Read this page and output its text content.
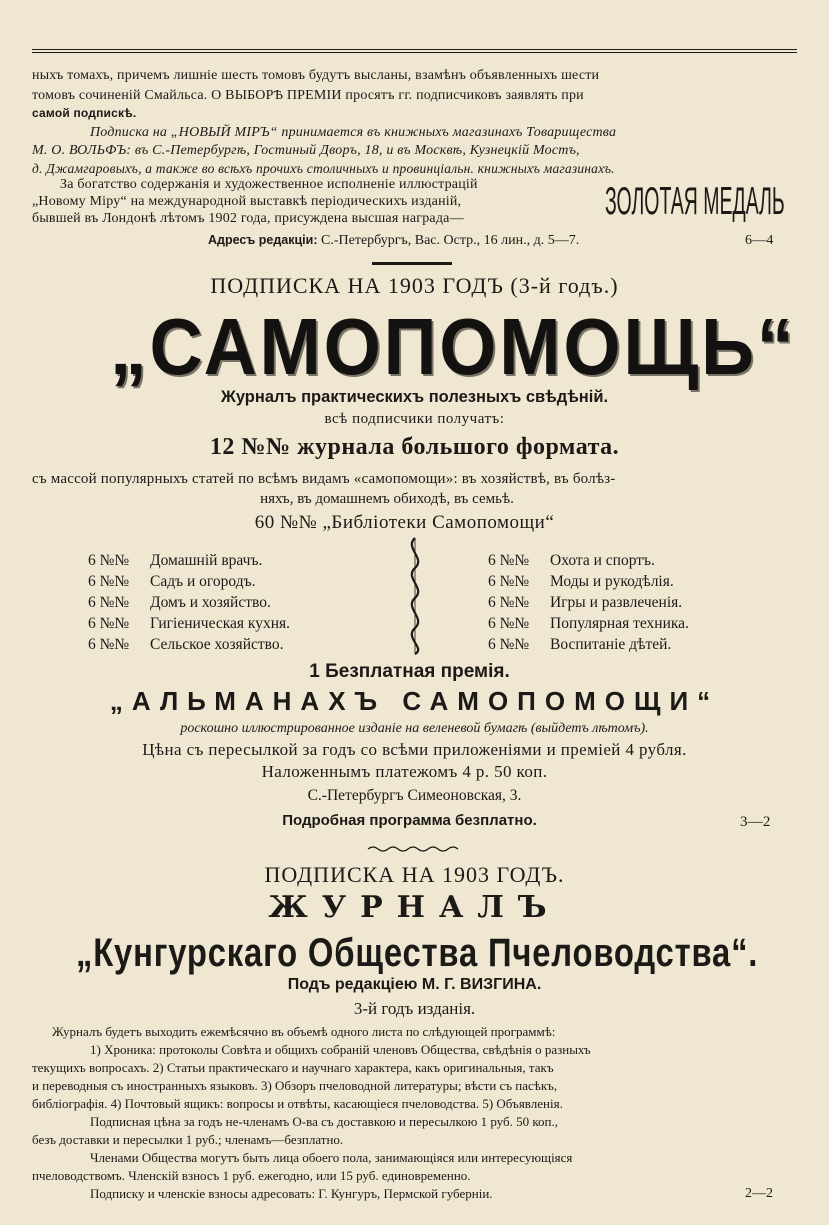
ныхъ томахъ, причемъ лишніе шесть томовъ будутъ высланы, взамѣнъ объявленныхъ шести
томовъ сочиненій Смайльса. О ВЫБОРѢ ПРЕМІИ просятъ гг. подписчиковъ заявлять при
самой подпискѣ.
Подписка на „НОВЫЙ МІРЪ“ принимается въ книжныхъ магазинахъ Товарищества
М. О. ВОЛЬФЪ: въ С.-Петербургѣ, Гостиный Дворъ, 18, и въ Москвѣ, Кузнецкій Мостъ,
д. Джамгаровыхъ, а также во всѣхъ прочихъ столичныхъ и провинціальн. книжныхъ магазинахъ.
За богатство содержанія и художественное исполненіе иллюстрацій
„Новому Міру“ на международной выставкѣ періодическихъ изданій,
бывшей въ Лондонѣ лѣтомъ 1902 года, присуждена высшая награда—	ЗОЛОТАЯ МЕДАЛЬ
Адресъ редакціи: С.-Петербургъ, Вас. Остр., 16 лин., д. 5—7.	6—4
ПОДПИСКА НА 1903 ГОДЪ (3-й годъ.)
„САМОПОМОЩЬ“
Журналъ практическихъ полезныхъ свѣдѣній.
всѣ подписчики получатъ:
12 №№ журнала большого формата.
съ массой популярныхъ статей по всѣмъ видамъ «самопомощи»: въ хозяйствѣ, въ болѣз-
няхъ, въ домашнемъ обиходѣ, въ семьѣ.
60 №№ „Библіотеки Самопомощи“
6 №№ Домашній врачъ.
6 №№ Садъ и огородъ.
6 №№ Домъ и хозяйство.
6 №№ Гигіеническая кухня.
6 №№ Сельское хозяйство.
6 №№ Охота и спортъ.
6 №№ Моды и рукодѣлія.
6 №№ Игры и развлеченія.
6 №№ Популярная техника.
6 №№ Воспитаніе дѣтей.
1 Безплатная премія.
„АЛЬМАНАХЪ САМОПОМОЩИ“
роскошно иллюстрированное изданіе на веленевой бумагѣ (выйдетъ лѣтомъ).
Цѣна съ пересылкой за годъ со всѣми приложеніями и преміей 4 рубля.
Наложеннымъ платежомъ 4 р. 50 коп.
С.-Петербургъ Симеоновская, 3.
Подробная программа безплатно.	3—2
ПОДПИСКА НА 1903 ГОДЪ.
ЖУРНАЛЪ
„Кунгурскаго Общества Пчеловодства“.
Подъ редакціею М. Г. ВИЗГИНА.
3-й годъ изданія.
Журналъ будетъ выходить ежемѣсячно въ объемѣ одного листа по слѣдующей программѣ:
1) Хроника: протоколы Совѣта и общихъ собраній членовъ Общества, свѣдѣнія о разныхъ
текущихъ вопросахъ. 2) Статьи практическаго и научнаго характера, какъ оригинальныя, такъ
и переводныя съ иностранныхъ языковъ. 3) Обзоръ пчеловодной литературы; вѣсти съ пасѣкъ,
библіографія. 4) Почтовый ящикъ: вопросы и отвѣты, касающіеся пчеловодства. 5) Объявленія.
Подписная цѣна за годъ не-членамъ О-ва съ доставкою и пересылкою 1 руб. 50 коп.,
безъ доставки и пересылки 1 руб.; членамъ—безплатно.
Членами Общества могутъ быть лица обоего пола, занимающіяся или интересующіяся
пчеловодствомъ. Членскій взносъ 1 руб. ежегодно, или 15 руб. единовременно.
Подписку и членскіе взносы адресовать: Г. Кунгуръ, Пермской губерніи.	2—2
